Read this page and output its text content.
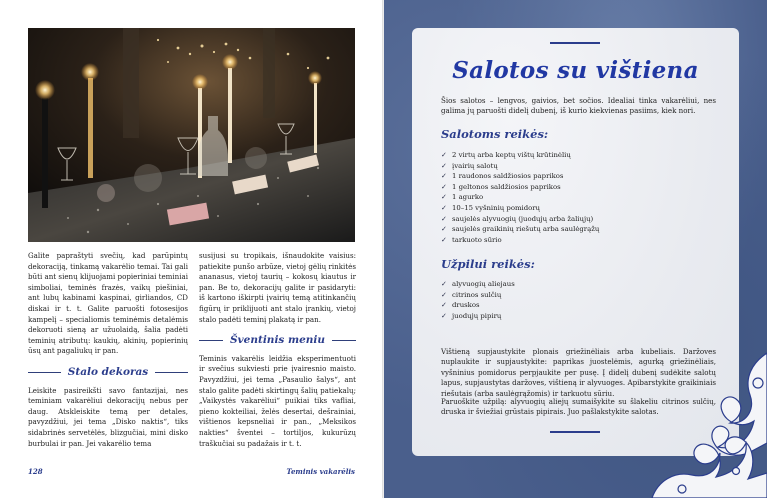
Galite papraštyti svečių, kad parūpintų dekoraciją, tinkamą vakarėlio temai. Tai gali būti ant sienų klijuojami popieriniai teminiai simboliai, teminės frazės, vaikų piešiniai, ant lubų kabinami kaspinai, girliandos, CD diskai ir t. t. Galite paruošti fotosesijos kampelį – specialiomis teminėmis detalėmis dekoruoti sieną ar užuolaidą, šalia padėti teminių atributų: kaukių, akinių, popierinių ūsų ant pagaliukų ir pan.

Stalo dekoras

Leiskite pasireikšti savo fantazijai, nes teminiam vakarėliui dekoracijų nebus per daug. Atskleiskite temą per detales, pavyzdžiui, jei tema „Disko naktis“, tiks sidabrinės servetėlės, blizgučiai, mini disko burbulai ir pan. Jei vakarėlio tema

susijusi su tropikais, išnaudokite vaisius: patiekite punšo arbūze, vietoj gėlių rinkitės ananasus, vietoj taurių – kokosų kiautus ir pan. Be to, dekoracijų galite ir pasidaryti: iš kartono iškirpti įvairių temą atitinkančių figūrų ir priklijuoti ant stalo įrankių, vietoj stalo padėti teminį plakatą ir pan.

Šventinis meniu

Teminis vakarėlis leidžia eksperimentuoti ir svečius sukviesti prie įvairesnio maisto. Pavyzdžiui, jei tema „Pasaulio šalys“, ant stalo galite padėti skirtingų šalių patiekalų; „Vaikystės vakarėliui“ puikiai tiks vafliai, pieno kokteiliai, želės desertai, dešrainiai, vištienos kepsneliai ir pan., „Meksikos nakties“ šventei – tortiljos, kukurūzų traškučiai su padažais ir t. t.

128	Teminis vakarėlis
Salotos su vištiena
Šios salotos – lengvos, gaivios, bet sočios. Idealiai tinka vakarėliui, nes galima jų paruošti didelį dubenį, iš kurio kiekvienas pasiims, kiek nori.
Salotoms reikės:
✓ 2 virtų arba keptų vištų krūtinėlių
✓ įvairių salotų
✓ 1 raudonos saldžiosios paprikos
✓ 1 geltonos saldžiosios paprikos
✓ 1 agurko
✓ 10–15 vyšninių pomidorų
✓ saujelės alyvuogių (juodųjų arba žaliųjų)
✓ saujelės graikinių riešutų arba saulėgrąžų
✓ tarkuoto sūrio
Užpilui reikės:
✓ alyvuogių aliejaus
✓ citrinos sulčių
✓ druskos
✓ juodųjų pipirų
Vištieną supjaustykite plonais griežinėliais arba kubeliais. Daržoves nuplaukite ir supjaustykite: paprikas juostelėmis, agurką griežinėliais, vyšninius pomidorus perpjaukite per pusę. Į didelį dubenį sudėkite salotų lapus, supjaustytas daržoves, vištieną ir alyvuoges. Apibarstykite graikiniais riešutais (arba saulėgrąžomis) ir tarkuotu sūriu.
Paruoškite užpilą: alyvuogių aliejų sumaišykite su šlakeliu citrinos sulčių, druska ir šviežiai grūstais pipirais. Juo pašlakstykite salotas.
